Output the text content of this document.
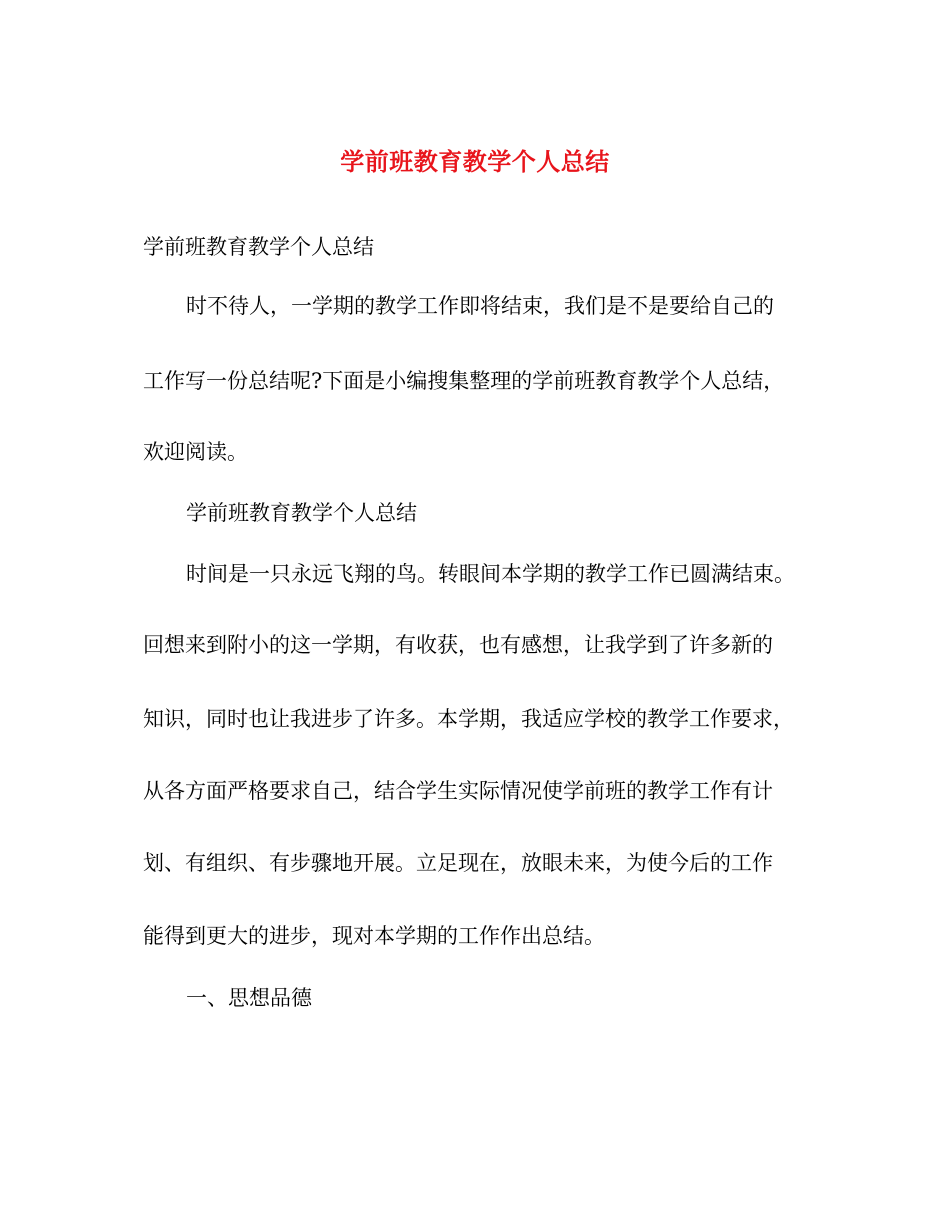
学前班教育教学个人总结

学前班教育教学个人总结

时不待人，一学期的教学工作即将结束，我们是不是要给自己的

工作写一份总结呢?下面是小编搜集整理的学前班教育教学个人总结，

欢迎阅读。

学前班教育教学个人总结

时间是一只永远飞翔的鸟。转眼间本学期的教学工作已圆满结束。

回想来到附小的这一学期，有收获，也有感想，让我学到了许多新的

知识，同时也让我进步了许多。本学期，我适应学校的教学工作要求，

从各方面严格要求自己，结合学生实际情况使学前班的教学工作有计

划、有组织、有步骤地开展。立足现在，放眼未来，为使今后的工作

能得到更大的进步，现对本学期的工作作出总结。

一、思想品德
